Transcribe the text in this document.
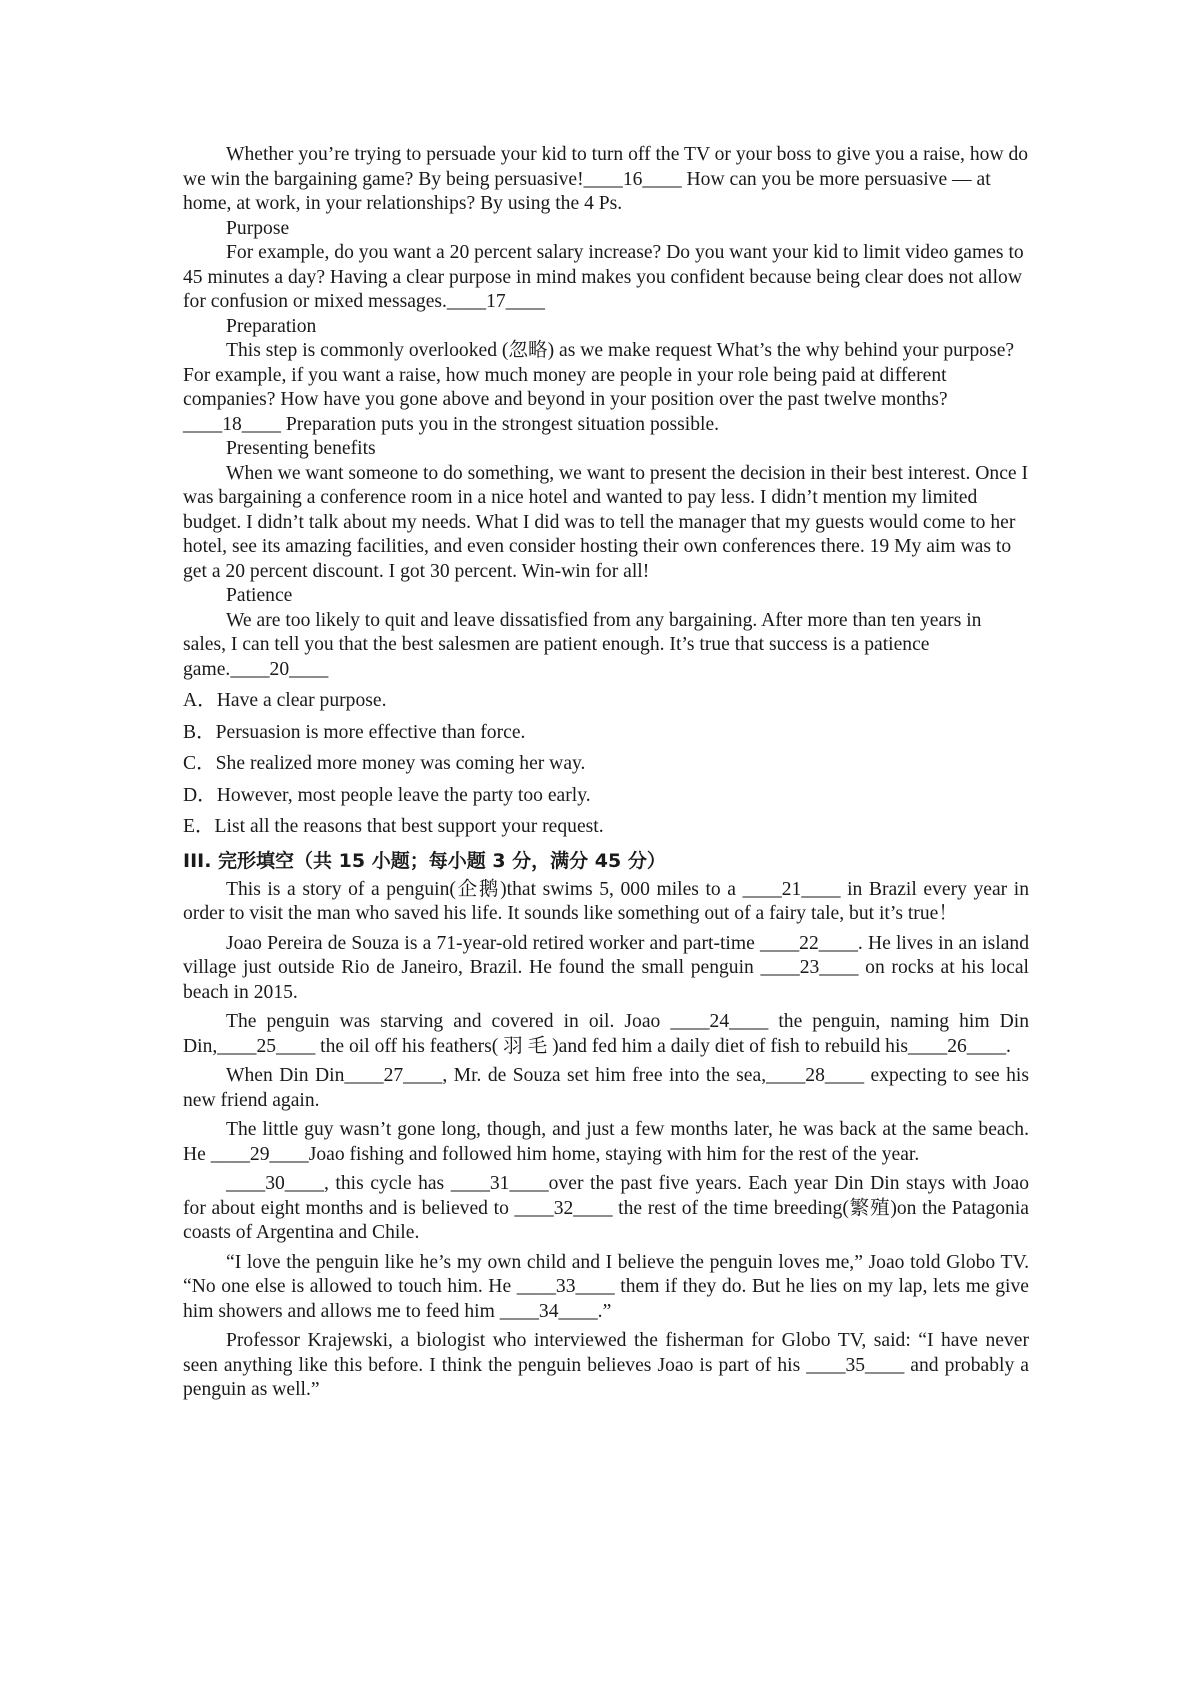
Whether you’re trying to persuade your kid to turn off the TV or your boss to give you a raise, how do we win the bargaining game? By being persuasive!____16____ How can you be more persuasive — at home, at work, in your relationships? By using the 4 Ps.

Purpose

For example, do you want a 20 percent salary increase? Do you want your kid to limit video games to 45 minutes a day? Having a clear purpose in mind makes you confident because being clear does not allow for confusion or mixed messages.____17____

Preparation

This step is commonly overlooked (忽略) as we make request What’s the why behind your purpose? For example, if you want a raise, how much money are people in your role being paid at different companies? How have you gone above and beyond in your position over the past twelve months?____18____ Preparation puts you in the strongest situation possible.

Presenting benefits

When we want someone to do something, we want to present the decision in their best interest. Once I was bargaining a conference room in a nice hotel and wanted to pay less. I didn’t mention my limited budget. I didn’t talk about my needs. What I did was to tell the manager that my guests would come to her hotel, see its amazing facilities, and even consider hosting their own conferences there. 19 My aim was to get a 20 percent discount. I got 30 percent. Win-win for all!

Patience

We are too likely to quit and leave dissatisfied from any bargaining. After more than ten years in sales, I can tell you that the best salesmen are patient enough. It’s true that success is a patience game.____20____

A．Have a clear purpose.

B．Persuasion is more effective than force.

C．She realized more money was coming her way.

D．However, most people leave the party too early.

E．List all the reasons that best support your request.

III. 完形填空（共 15 小题；每小题 3 分，满分 45 分）

This is a story of a penguin(企鹅)that swims 5, 000 miles to a ____21____ in Brazil every year in order to visit the man who saved his life. It sounds like something out of a fairy tale, but it’s true！

Joao Pereira de Souza is a 71-year-old retired worker and part-time ____22____. He lives in an island village just outside Rio de Janeiro, Brazil. He found the small penguin ____23____ on rocks at his local beach in 2015.

The penguin was starving and covered in oil. Joao ____24____ the penguin, naming him Din Din,____25____ the oil off his feathers( 羽 毛 )and fed him a daily diet of fish to rebuild his____26____.

When Din Din____27____, Mr. de Souza set him free into the sea,____28____ expecting to see his new friend again.

The little guy wasn’t gone long, though, and just a few months later, he was back at the same beach. He ____29____Joao fishing and followed him home, staying with him for the rest of the year.

____30____, this cycle has ____31____over the past five years. Each year Din Din stays with Joao for about eight months and is believed to ____32____ the rest of the time breeding(繁殖)on the Patagonia coasts of Argentina and Chile.

“I love the penguin like he’s my own child and I believe the penguin loves me,” Joao told Globo TV. “No one else is allowed to touch him. He ____33____ them if they do. But he lies on my lap, lets me give him showers and allows me to feed him ____34____.”

Professor Krajewski, a biologist who interviewed the fisherman for Globo TV, said: “I have never seen anything like this before. I think the penguin believes Joao is part of his ____35____ and probably a penguin as well.”
